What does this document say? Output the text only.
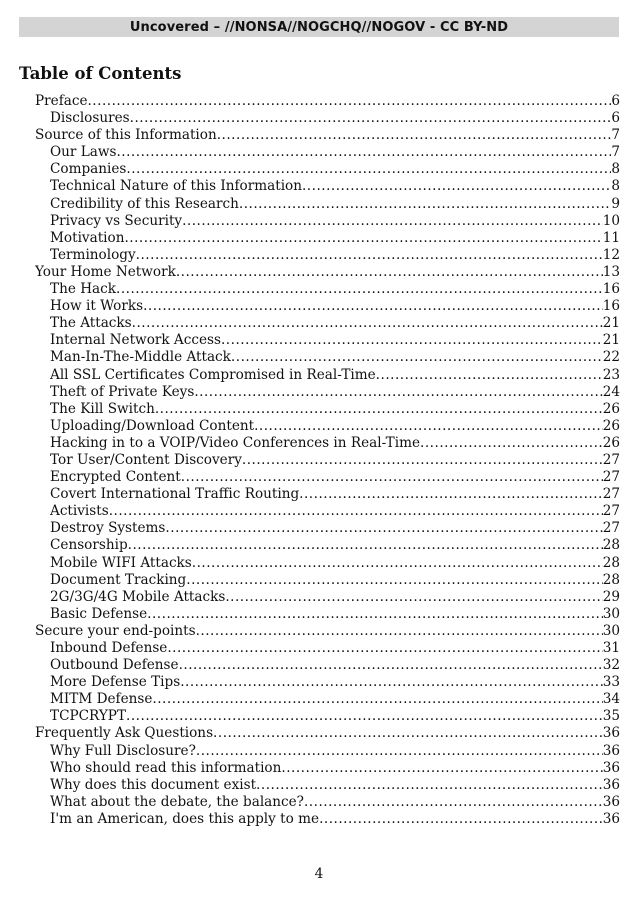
Uncovered – //NONSA//NOGCHQ//NOGOV - CC BY-ND
Table of Contents
Preface .....	6
Disclosures .....	6
Source of this Information .....	7
Our Laws .....	7
Companies .....	8
Technical Nature of this Information .....	8
Credibility of this Research .....	9
Privacy vs Security .....	10
Motivation .....	11
Terminology .....	12
Your Home Network .....	13
The Hack .....	16
How it Works .....	16
The Attacks .....	21
Internal Network Access .....	21
Man-In-The-Middle Attack .....	22
All SSL Certificates Compromised in Real-Time .....	23
Theft of Private Keys .....	24
The Kill Switch .....	26
Uploading/Download Content .....	26
Hacking in to a VOIP/Video Conferences in Real-Time .....	26
Tor User/Content Discovery .....	27
Encrypted Content .....	27
Covert International Traffic Routing .....	27
Activists .....	27
Destroy Systems .....	27
Censorship .....	28
Mobile WIFI Attacks .....	28
Document Tracking .....	28
2G/3G/4G Mobile Attacks .....	29
Basic Defense .....	30
Secure your end-points .....	30
Inbound Defense .....	31
Outbound Defense .....	32
More Defense Tips .....	33
MITM Defense .....	34
TCPCRYPT .....	35
Frequently Ask Questions .....	36
Why Full Disclosure? .....	36
Who should read this information .....	36
Why does this document exist .....	36
What about the debate, the balance? .....	36
I'm an American, does this apply to me .....	36
4
